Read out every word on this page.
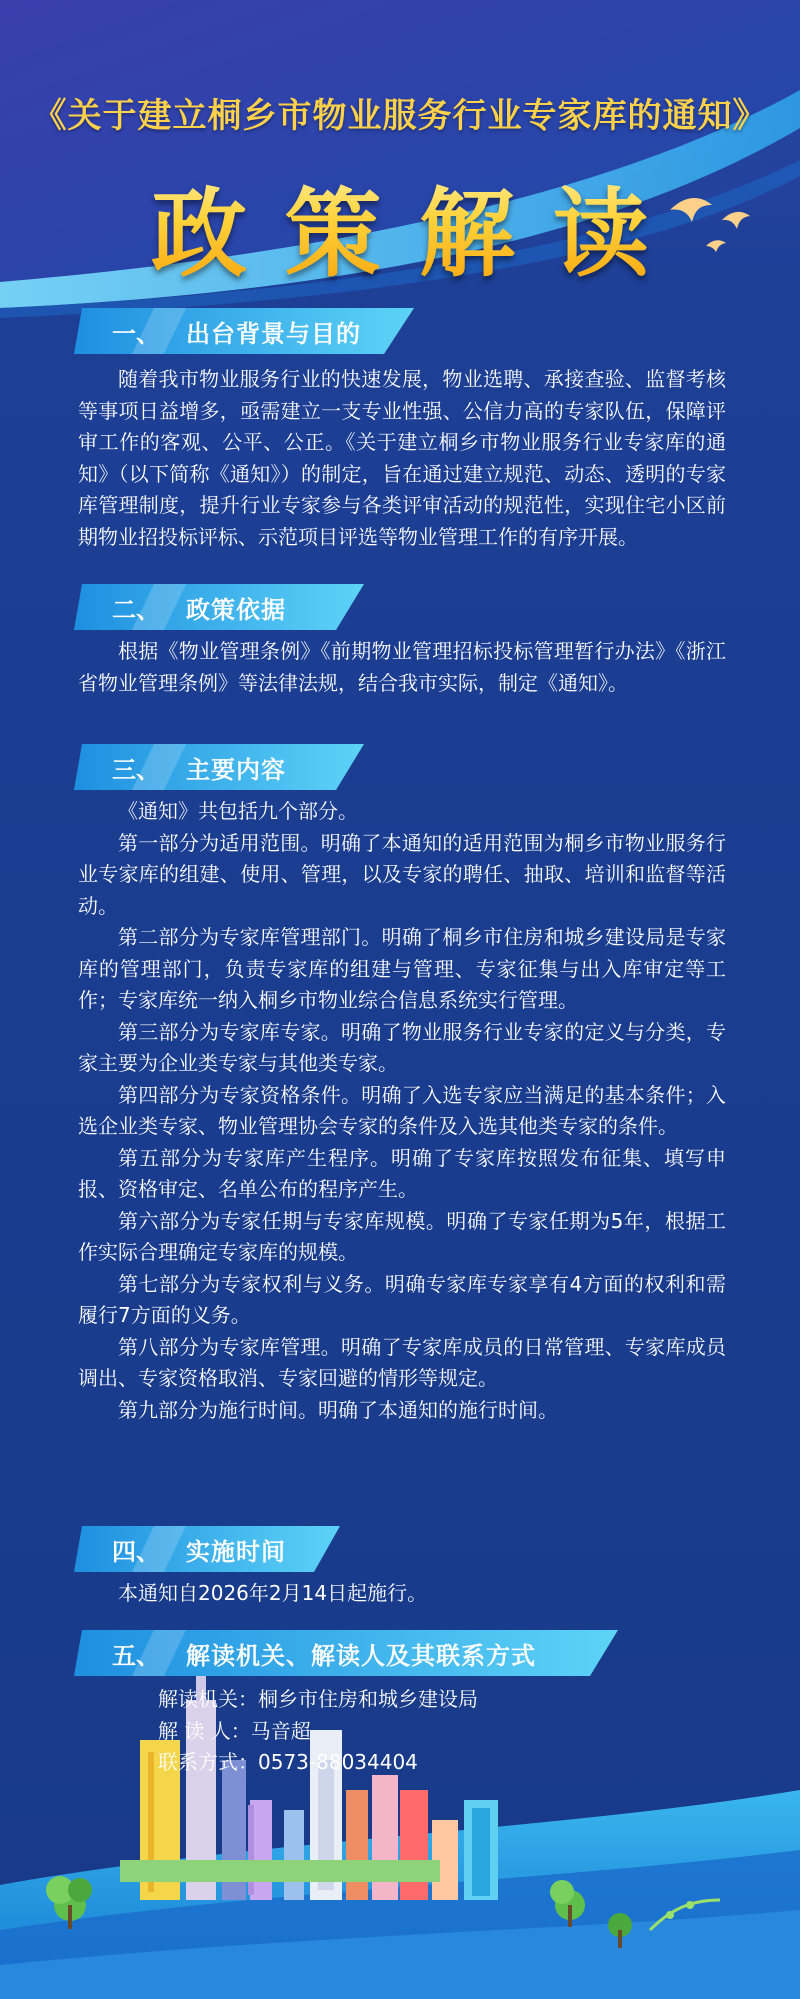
《关于建立桐乡市物业服务行业专家库的通知》
政策解读
一、 出台背景与目的

随着我市物业服务行业的快速发展，物业选聘、承接查验、监督考核等事项日益增多，亟需建立一支专业性强、公信力高的专家队伍，保障评审工作的客观、公平、公正。《关于建立桐乡市物业服务行业专家库的通知》（以下简称《通知》）的制定，旨在通过建立规范、动态、透明的专家库管理制度，提升行业专家参与各类评审活动的规范性，实现住宅小区前期物业招投标评标、示范项目评选等物业管理工作的有序开展。

二、 政策依据

根据《物业管理条例》《前期物业管理招标投标管理暂行办法》《浙江省物业管理条例》等法律法规，结合我市实际，制定《通知》。

三、 主要内容

《通知》共包括九个部分。

第一部分为适用范围。明确了本通知的适用范围为桐乡市物业服务行业专家库的组建、使用、管理，以及专家的聘任、抽取、培训和监督等活动。

第二部分为专家库管理部门。明确了桐乡市住房和城乡建设局是专家库的管理部门，负责专家库的组建与管理、专家征集与出入库审定等工作；专家库统一纳入桐乡市物业综合信息系统实行管理。

第三部分为专家库专家。明确了物业服务行业专家的定义与分类，专家主要为企业类专家与其他类专家。

第四部分为专家资格条件。明确了入选专家应当满足的基本条件；入选企业类专家、物业管理协会专家的条件及入选其他类专家的条件。

第五部分为专家库产生程序。明确了专家库按照发布征集、填写申报、资格审定、名单公布的程序产生。

第六部分为专家任期与专家库规模。明确了专家任期为5年，根据工作实际合理确定专家库的规模。

第七部分为专家权利与义务。明确专家库专家享有4方面的权利和需履行7方面的义务。

第八部分为专家库管理。明确了专家库成员的日常管理、专家库成员调出、专家资格取消、专家回避的情形等规定。

第九部分为施行时间。明确了本通知的施行时间。

四、 实施时间

本通知自2026年2月14日起施行。

五、 解读机关、解读人及其联系方式

解读机关：桐乡市住房和城乡建设局

解 读 人：马音超

联系方式：0573-88034404
